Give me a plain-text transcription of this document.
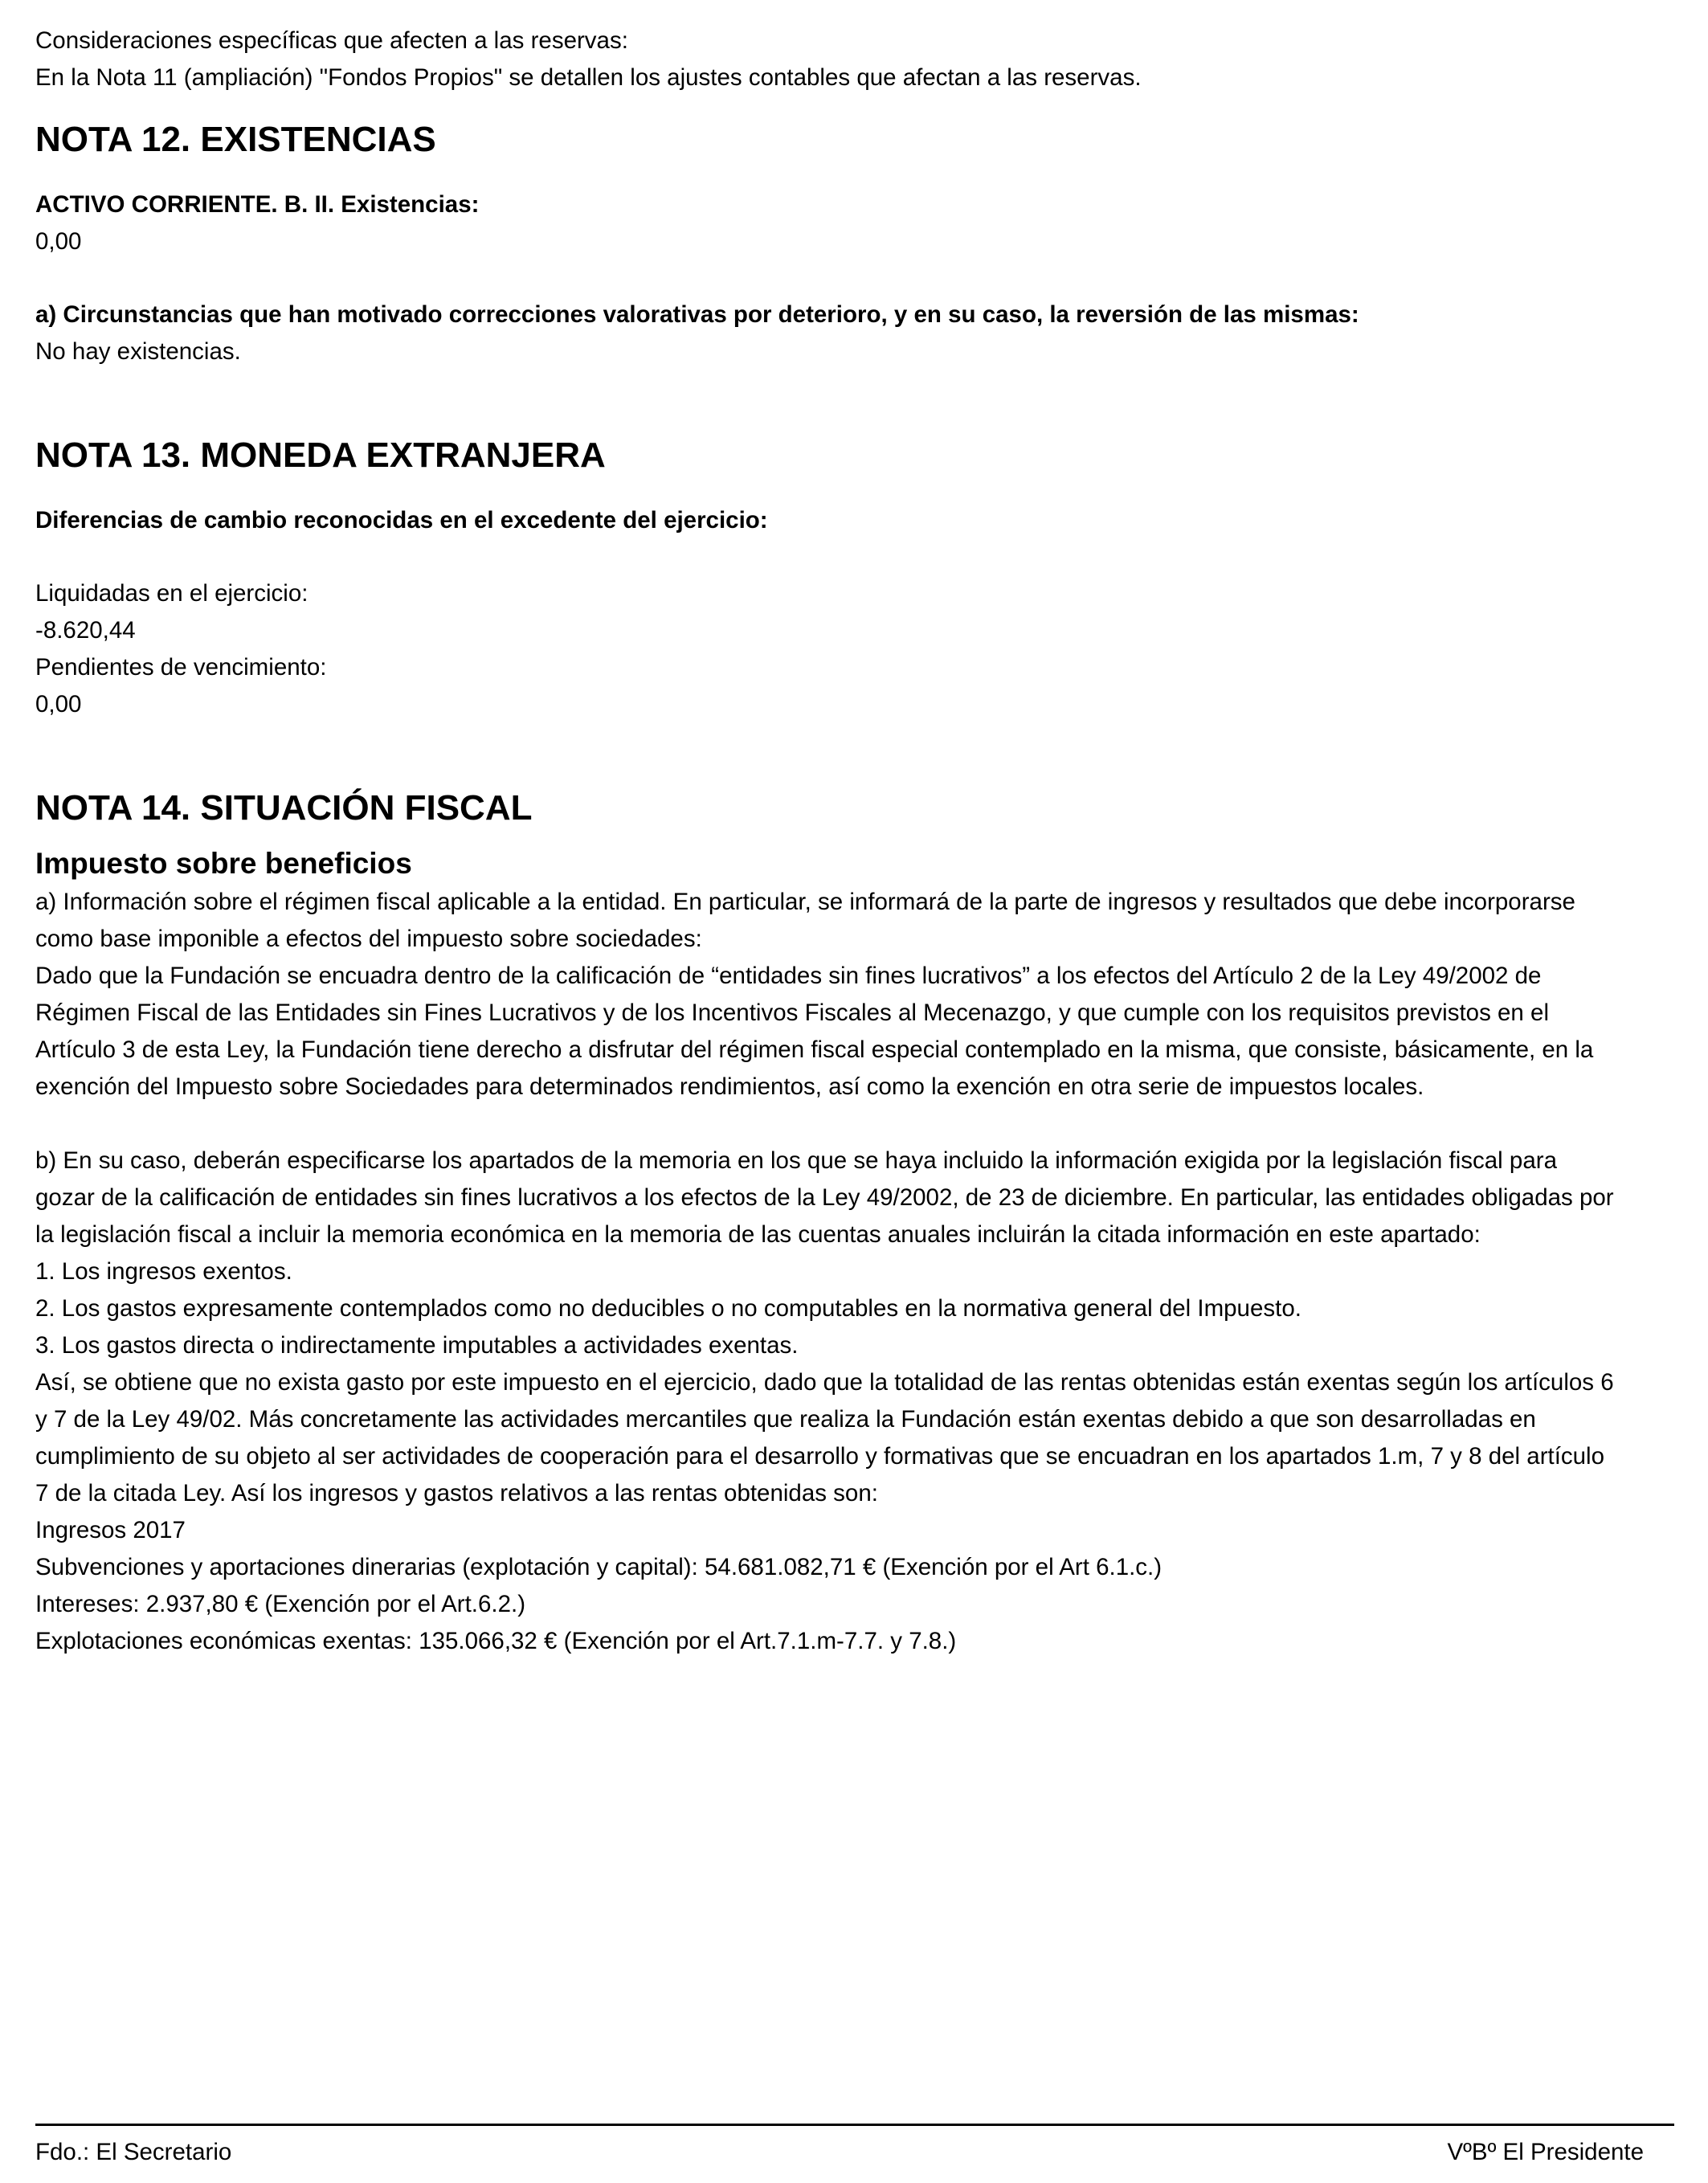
Consideraciones específicas que afecten a las reservas:

En la Nota 11 (ampliación) "Fondos Propios" se detallen los ajustes contables que afectan a las reservas.

NOTA 12. EXISTENCIAS

ACTIVO CORRIENTE. B. II. Existencias:

0,00

a) Circunstancias que han motivado correcciones valorativas por deterioro, y en su caso, la reversión de las mismas:

No hay existencias.

NOTA 13. MONEDA EXTRANJERA

Diferencias de cambio reconocidas en el excedente del ejercicio:

Liquidadas en el ejercicio:

-8.620,44

Pendientes de vencimiento:

0,00

NOTA 14. SITUACIÓN FISCAL

Impuesto sobre beneficios

a) Información sobre el régimen fiscal aplicable a la entidad. En particular, se informará de la parte de ingresos y resultados que debe incorporarse

como base imponible a efectos del impuesto sobre sociedades:

Dado que la Fundación se encuadra dentro de la calificación de “entidades sin fines lucrativos” a los efectos del Artículo 2 de la Ley 49/2002 de

Régimen Fiscal de las Entidades sin Fines Lucrativos y de los Incentivos Fiscales al Mecenazgo, y que cumple con los requisitos previstos en el

Artículo 3 de esta Ley, la Fundación tiene derecho a disfrutar del régimen fiscal especial contemplado en la misma, que consiste, básicamente, en la

exención del Impuesto sobre Sociedades para determinados rendimientos, así como la exención en otra serie de impuestos locales.

b) En su caso, deberán especificarse los apartados de la memoria en los que se haya incluido la información exigida por la legislación fiscal para

gozar de la calificación de entidades sin fines lucrativos a los efectos de la Ley 49/2002, de 23 de diciembre. En particular, las entidades obligadas por

la legislación fiscal a incluir la memoria económica en la memoria de las cuentas anuales incluirán la citada información en este apartado:

1. Los ingresos exentos.

2. Los gastos expresamente contemplados como no deducibles o no computables en la normativa general del Impuesto.

3. Los gastos directa o indirectamente imputables a actividades exentas.

Así, se obtiene que no exista gasto por este impuesto en el ejercicio, dado que la totalidad de las rentas obtenidas están exentas según los artículos 6

y 7 de la Ley 49/02. Más concretamente las actividades mercantiles que realiza la Fundación están exentas debido a que son desarrolladas en

cumplimiento de su objeto al ser actividades de cooperación para el desarrollo y formativas que se encuadran en los apartados 1.m, 7 y 8 del artículo

7 de la citada Ley. Así los ingresos y gastos relativos a las rentas obtenidas son:

Ingresos 2017

Subvenciones y aportaciones dinerarias (explotación y capital): 54.681.082,71 € (Exención por el Art 6.1.c.)

Intereses: 2.937,80 € (Exención por el Art.6.2.)

Explotaciones económicas exentas: 135.066,32 € (Exención por el Art.7.1.m-7.7. y 7.8.)

Fdo.: El Secretario	VºBº El Presidente
